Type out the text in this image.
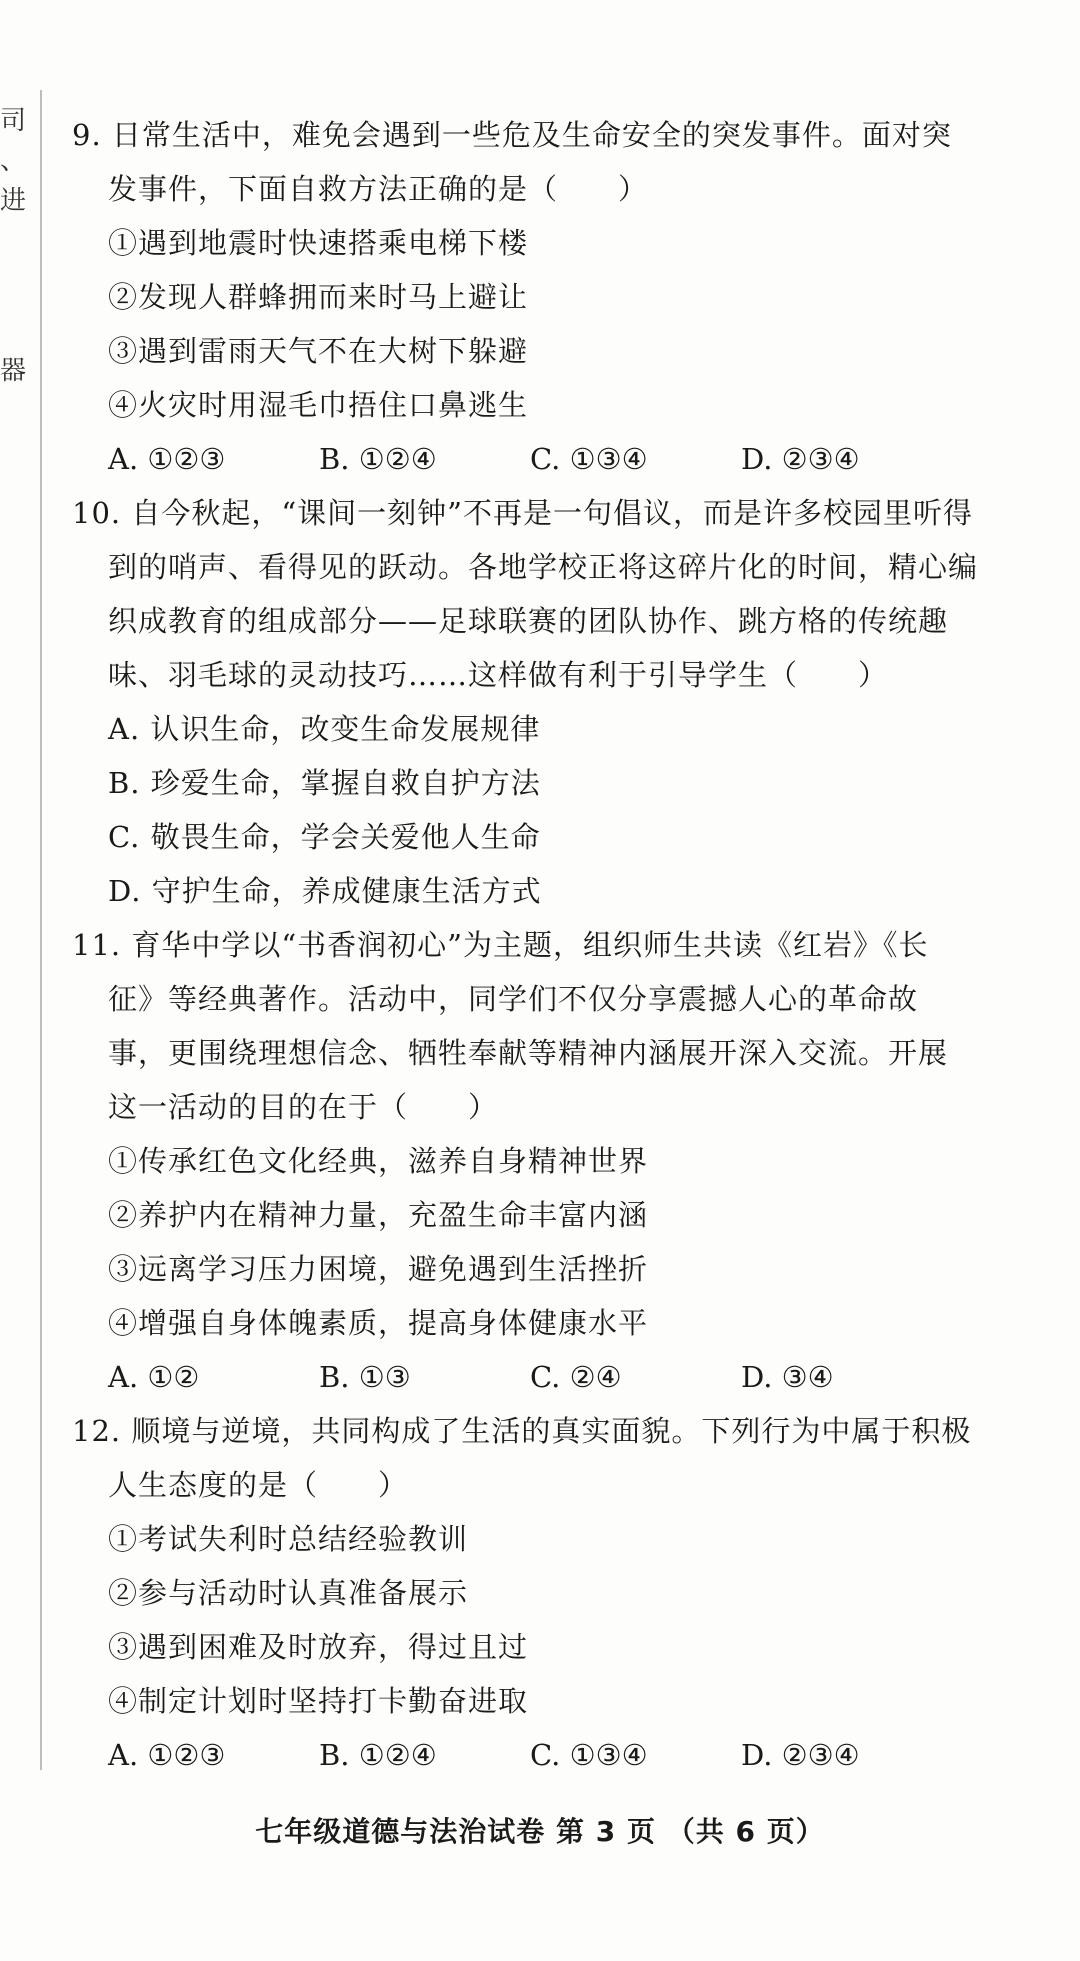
司
、
进
器
9. 日常生活中，难免会遇到一些危及生命安全的突发事件。面对突
发事件，下面自救方法正确的是（　　）
①遇到地震时快速搭乘电梯下楼
②发现人群蜂拥而来时马上避让
③遇到雷雨天气不在大树下躲避
④火灾时用湿毛巾捂住口鼻逃生
A. ①②③	B. ①②④	C. ①③④	D. ②③④
10. 自今秋起，“课间一刻钟”不再是一句倡议，而是许多校园里听得
到的哨声、看得见的跃动。各地学校正将这碎片化的时间，精心编
织成教育的组成部分——足球联赛的团队协作、跳方格的传统趣
味、羽毛球的灵动技巧……这样做有利于引导学生（　　）
A. 认识生命，改变生命发展规律
B. 珍爱生命，掌握自救自护方法
C. 敬畏生命，学会关爱他人生命
D. 守护生命，养成健康生活方式
11. 育华中学以“书香润初心”为主题，组织师生共读《红岩》《长
征》等经典著作。活动中，同学们不仅分享震撼人心的革命故
事，更围绕理想信念、牺牲奉献等精神内涵展开深入交流。开展
这一活动的目的在于（　　）
①传承红色文化经典，滋养自身精神世界
②养护内在精神力量，充盈生命丰富内涵
③远离学习压力困境，避免遇到生活挫折
④增强自身体魄素质，提高身体健康水平
A. ①②	B. ①③	C. ②④	D. ③④
12. 顺境与逆境，共同构成了生活的真实面貌。下列行为中属于积极
人生态度的是（　　）
①考试失利时总结经验教训
②参与活动时认真准备展示
③遇到困难及时放弃，得过且过
④制定计划时坚持打卡勤奋进取
A. ①②③	B. ①②④	C. ①③④	D. ②③④
七年级道德与法治试卷 第 3 页 （共 6 页）
